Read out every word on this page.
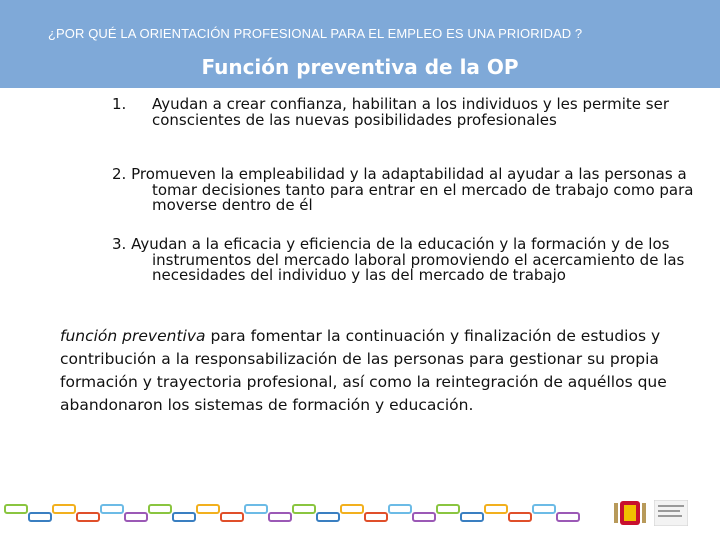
¿POR QUÉ LA ORIENTACIÓN PROFESIONAL PARA EL EMPLEO ES UNA PRIORIDAD ?
Función preventiva de la OP
1. Ayudan a crear confianza, habilitan a los individuos y les permite ser conscientes de las nuevas posibilidades profesionales
2. Promueven la empleabilidad y la adaptabilidad al ayudar a las personas a tomar decisiones tanto para entrar en el mercado de trabajo como para moverse dentro de él
3. Ayudan a la eficacia y eficiencia de la educación y la formación y de los instrumentos del mercado laboral promoviendo el acercamiento de las necesidades del individuo y las del mercado de trabajo
función preventiva para fomentar la continuación y finalización de estudios y contribución a la responsabilización de las personas para gestionar su propia formación y trayectoria profesional, así como la reintegración de aquéllos que abandonaron los sistemas de formación y educación.
